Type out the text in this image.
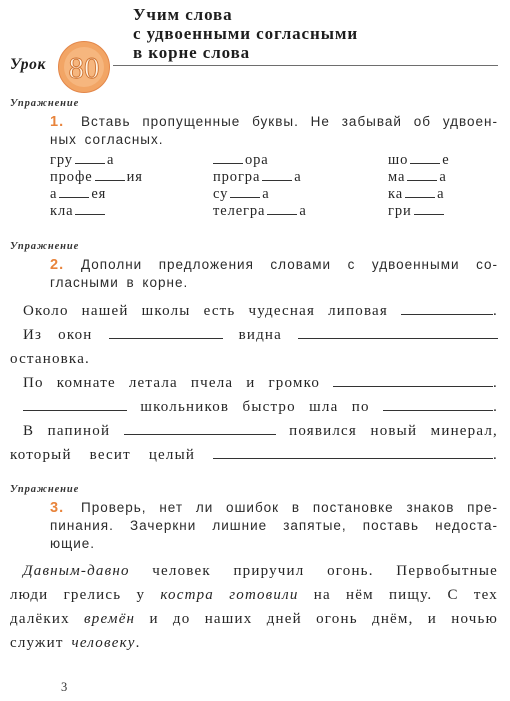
Учим слова
с удвоенными согласными
в корне слова
Урок 80
Упражнение
1.	Вставь пропущенные буквы. Не забывай об удвоен-
ных согласных.
гру а	ора	шо е
профе ия	програ а	ма а
а ея	су а	ка а
кла	телегра а	гри
Упражнение
2.	Дополни предложения словами с удвоенными со-
гласными в корне.
Около нашей школы есть чудесная липовая	.
Из окон	видна
остановка.
По комнате летала пчела и громко	.
школьников быстро шла по	.
В папиной	появился новый минерал,
который весит целый	.
Упражнение
3.	Проверь, нет ли ошибок в постановке знаков пре-
пинания. Зачеркни лишние запятые, поставь недоста-
ющие.
Давным-давно человек приручил огонь. Первобытные
люди грелись у костра готовили на нём пищу. С тех
далёких времён и до наших дней огонь днём, и ночью
служит человеку.
3
